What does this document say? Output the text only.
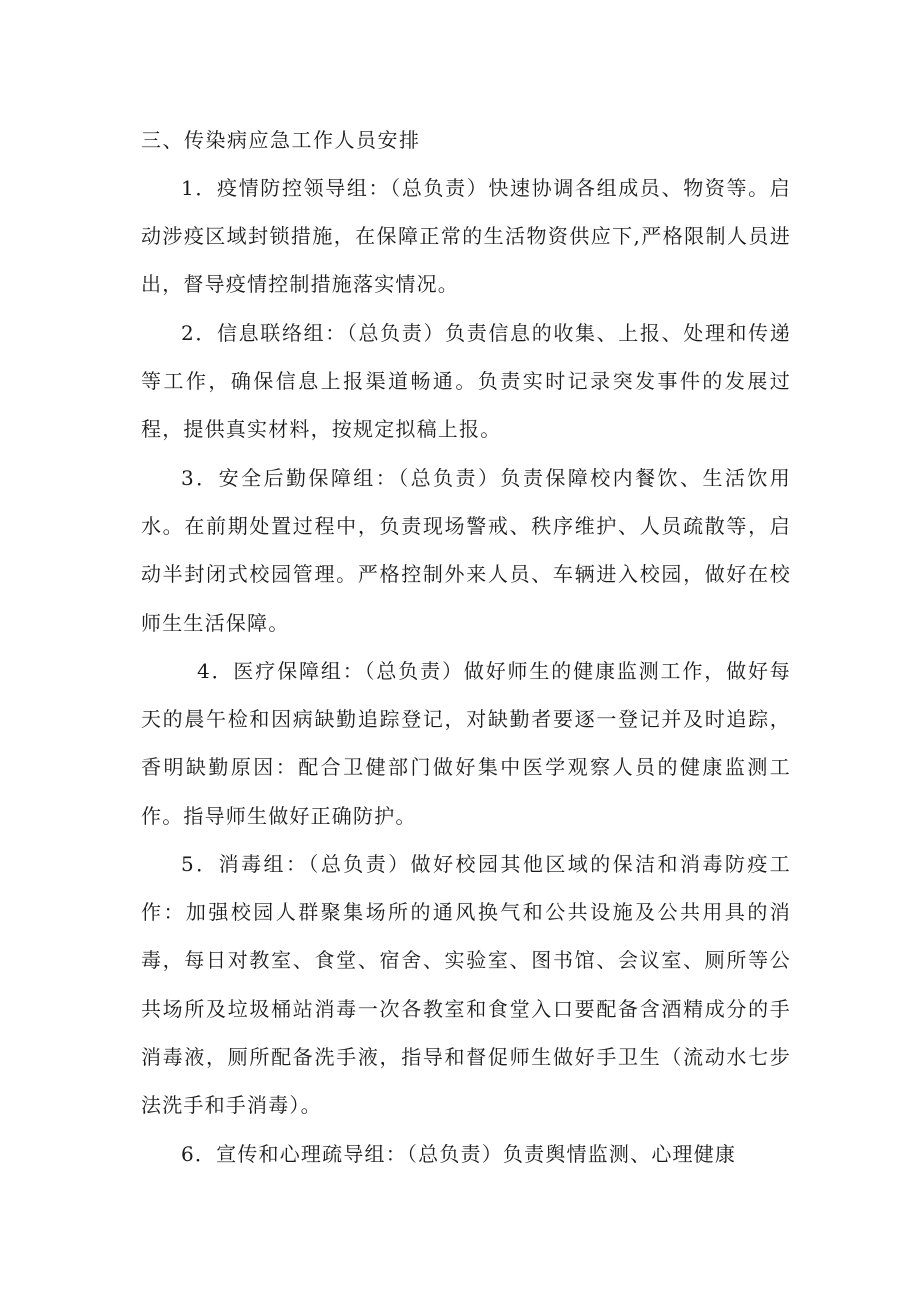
三、传染病应急工作人员安排

1．疫情防控领导组：（总负责）快速协调各组成员、物资等。启动涉疫区域封锁措施，在保障正常的生活物资供应下,严格限制人员进出，督导疫情控制措施落实情况。

2．信息联络组：（总负责）负责信息的收集、上报、处理和传递等工作，确保信息上报渠道畅通。负责实时记录突发事件的发展过程，提供真实材料，按规定拟稿上报。

3．安全后勤保障组：（总负责）负责保障校内餐饮、生活饮用水。在前期处置过程中，负责现场警戒、秩序维护、人员疏散等，启动半封闭式校园管理。严格控制外来人员、车辆进入校园，做好在校师生生活保障。

4．医疗保障组：（总负责）做好师生的健康监测工作，做好每天的晨午检和因病缺勤追踪登记，对缺勤者要逐一登记并及时追踪，香明缺勤原因：配合卫健部门做好集中医学观察人员的健康监测工作。指导师生做好正确防护。

5．消毒组：（总负责）做好校园其他区域的保洁和消毒防疫工作：加强校园人群聚集场所的通风换气和公共设施及公共用具的消毒，每日对教室、食堂、宿舍、实验室、图书馆、会议室、厕所等公共场所及垃圾桶站消毒一次各教室和食堂入口要配备含酒精成分的手消毒液，厕所配备洗手液，指导和督促师生做好手卫生（流动水七步法洗手和手消毒）。

6．宣传和心理疏导组：（总负责）负责舆情监测、心理健康
